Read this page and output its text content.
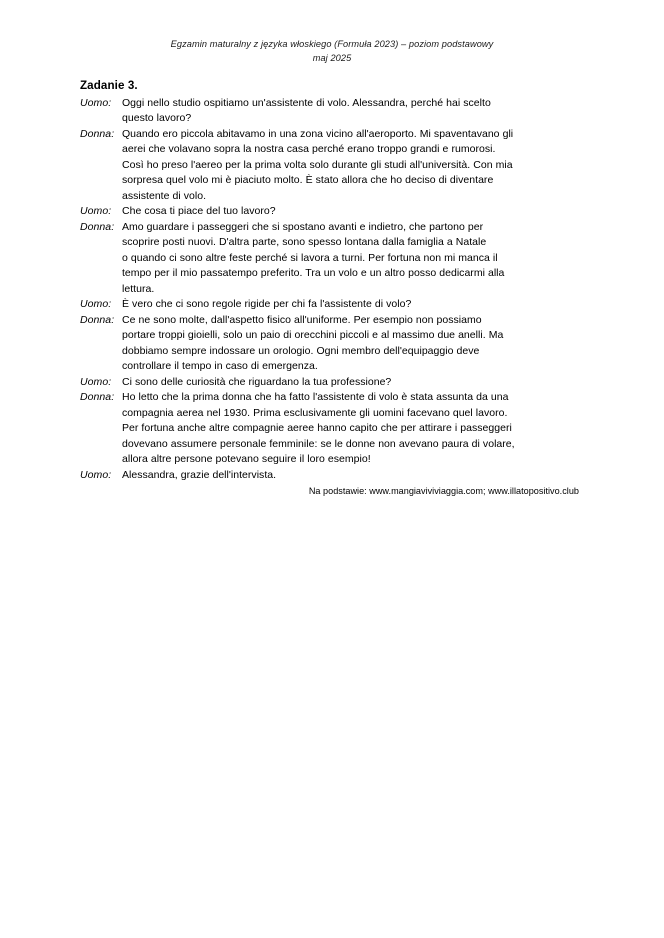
Egzamin maturalny z języka włoskiego (Formuła 2023) – poziom podstawowy
maj 2025
Zadanie 3.
Uomo:	Oggi nello studio ospitiamo un'assistente di volo. Alessandra, perché hai scelto
questo lavoro?
Donna: Quando ero piccola abitavamo in una zona vicino all'aeroporto. Mi spaventavano gli
aerei che volavano sopra la nostra casa perché erano troppo grandi e rumorosi.
Così ho preso l'aereo per la prima volta solo durante gli studi all'università. Con mia
sorpresa quel volo mi è piaciuto molto. È stato allora che ho deciso di diventare
assistente di volo.
Uomo:	Che cosa ti piace del tuo lavoro?
Donna: Amo guardare i passeggeri che si spostano avanti e indietro, che partono per
scoprire posti nuovi. D'altra parte, sono spesso lontana dalla famiglia a Natale
o quando ci sono altre feste perché si lavora a turni. Per fortuna non mi manca il
tempo per il mio passatempo preferito. Tra un volo e un altro posso dedicarmi alla
lettura.
Uomo:	È vero che ci sono regole rigide per chi fa l'assistente di volo?
Donna: Ce ne sono molte, dall'aspetto fisico all'uniforme. Per esempio non possiamo
portare troppi gioielli, solo un paio di orecchini piccoli e al massimo due anelli. Ma
dobbiamo sempre indossare un orologio. Ogni membro dell'equipaggio deve
controllare il tempo in caso di emergenza.
Uomo:	Ci sono delle curiosità che riguardano la tua professione?
Donna: Ho letto che la prima donna che ha fatto l'assistente di volo è stata assunta da una
compagnia aerea nel 1930. Prima esclusivamente gli uomini facevano quel lavoro.
Per fortuna anche altre compagnie aeree hanno capito che per attirare i passeggeri
dovevano assumere personale femminile: se le donne non avevano paura di volare,
allora altre persone potevano seguire il loro esempio!
Uomo:	Alessandra, grazie dell'intervista.
Na podstawie: www.mangiaviviviaggia.com; www.illatopositivo.club
